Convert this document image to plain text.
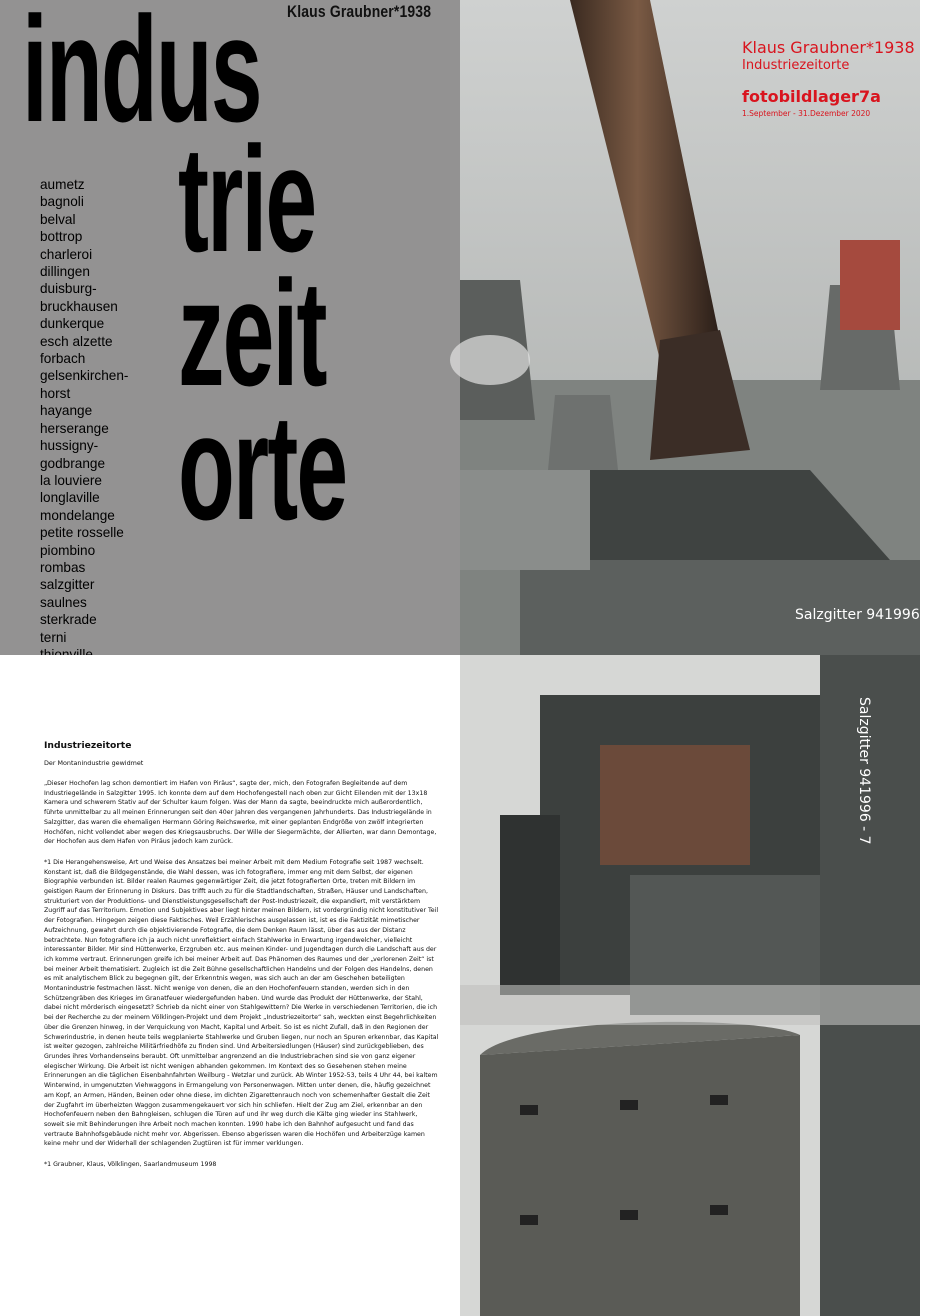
Klaus Graubner*1938
indus
trie
zeit
orte
aumetz
bagnoli
belval
bottrop
charleroi
dillingen
duisburg-
bruckhausen
dunkerque
esch alzette
forbach
gelsenkirchen-
horst
hayange
herserange
hussigny-
godbrange
la louviere
longlaville
mondelange
petite rosselle
piombino
rombas
salzgitter
saulnes
sterkrade
terni
Klaus Graubner*1938
Industriezeitorte
fotobildlager7a
1.September - 31.Dezember 2020
Salzgitter 941996 - 5
Industriezeitorte
Der Montanindustrie gewidmet

„Dieser Hochofen lag schon demontiert im Hafen von Piräus“, sagte der, mich, den Fotografen Begleitende auf dem Industriegelände in Salzgitter 1995. Ich konnte dem auf dem Hochofengestell nach oben zur Gicht Eilenden mit der 13x18 Kamera und schwerem Stativ auf der Schulter kaum folgen. Was der Mann da sagte, beeindruckte mich außerordentlich, führte unmittelbar zu all meinen Erinnerungen seit den 40er Jahren des vergangenen Jahrhunderts. Das Industriegelände in Salzgitter, das waren die ehemaligen Hermann Göring Reichswerke, mit einer geplanten Endgröße von zwölf integrierten Hochöfen, nicht vollendet aber wegen des Kriegsausbruchs. Der Wille der Siegermächte, der Allierten, war dann Demontage, der Hochofen aus dem Hafen von Piräus jedoch kam zurück.

*1 Die Herangehensweise, Art und Weise des Ansatzes bei meiner Arbeit mit dem Medium Fotografie seit 1987 wechselt. Konstant ist, daß die Bildgegenstände, die Wahl dessen, was ich fotografiere, immer eng mit dem Selbst, der eigenen Biographie verbunden ist. Bilder realen Raumes gegenwärtiger Zeit, die jetzt fotografierten Orte, treten mit Bildern im geistigen Raum der Erinnerung in Diskurs. Das trifft auch zu für die Stadtlandschaften, Straßen, Häuser und Landschaften, strukturiert von der Produktions- und Dienstleistungsgesellschaft der Post-Industriezeit, die expandiert, mit verstärktem Zugriff auf das Territorium. Emotion und Subjektives aber liegt hinter meinen Bildern, ist vordergründig nicht konstitutiver Teil der Fotografien. Hingegen zeigen diese Faktisches. Weil Erzählerisches ausgelassen ist, ist es die Faktizität mimetischer Aufzeichnung, gewahrt durch die objektivierende Fotografie, die dem Denken Raum lässt, über das aus der Distanz betrachtete. Nun fotografiere ich ja auch nicht unreflektiert einfach Stahlwerke in Erwartung irgendwelcher, vielleicht interessanter Bilder. Mir sind Hüttenwerke, Erzgruben etc. aus meinen Kinder- und Jugendtagen durch die Landschaft aus der ich komme vertraut. Erinnerungen greife ich bei meiner Arbeit auf. Das Phänomen des Raumes und der „verlorenen Zeit“ ist bei meiner Arbeit thematisiert. Zugleich ist die Zeit Bühne gesellschaftlichen Handelns und der Folgen des Handelns, denen es mit analytischem Blick zu begegnen gilt, der Erkenntnis wegen, was sich auch an der am Geschehen beteiligten Montanindustrie festmachen lässt. Nicht wenige von denen, die an den Hochofenfeuern standen, werden sich in den Schützengräben des Krieges im Granatfeuer wiedergefunden haben. Und wurde das Produkt der Hüttenwerke, der Stahl, dabei nicht mörderisch eingesetzt? Schrieb da nicht einer von Stahlgewittern? Die Werke in verschiedenen Territorien, die ich bei der Recherche zu der meinem Völklingen-Projekt und dem Projekt „Industriezeitorte“ sah, weckten einst Begehrlichkeiten über die Grenzen hinweg, in der Verquickung von Macht, Kapital und Arbeit. So ist es nicht Zufall, daß in den Regionen der Schwerindustrie, in denen heute teils wegplanierte Stahlwerke und Gruben liegen, nur noch an Spuren erkennbar, das Kapital ist weiter gezogen, zahlreiche Militärfriedhöfe zu finden sind. Und Arbeitersiedlungen (Häuser) sind zurückgeblieben, des Grundes ihres Vorhandenseins beraubt. Oft unmittelbar angrenzend an die Industriebrachen sind sie von ganz eigener elegischer Wirkung. Die Arbeit ist nicht wenigen abhanden gekommen. Im Kontext des so Gesehenen stehen meine Erinnerungen an die täglichen Eisenbahnfahrten Weilburg - Wetzlar und zurück. Ab Winter 1952-53, teils 4 Uhr 44, bei kaltem Winterwind, in umgenutzten Viehwaggons in Ermangelung von Personenwagen. Mitten unter denen, die, häufig gezeichnet am Kopf, an Armen, Händen, Beinen oder ohne diese, im dichten Zigarettenrauch noch von schemenhafter Gestalt die Zeit der Zugfahrt im überheizten Waggon zusammengekauert vor sich hin schliefen. Hielt der Zug am Ziel, erkennbar an den Hochofenfeuern neben den Bahngleisen, schlugen die Türen auf und ihr weg durch die Kälte ging wieder ins Stahlwerk, soweit sie mit Behinderungen ihre Arbeit noch machen konnten. 1990 habe ich den Bahnhof aufgesucht und fand das vertraute Bahnhofsgebäude nicht mehr vor. Abgerissen. Ebenso abgerissen waren die Hochöfen und Arbeiterzüge kamen keine mehr und der Widerhall der schlagenden Zugtüren ist für immer verklungen.

*1 Graubner, Klaus, Völklingen, Saarlandmuseum 1998

Salzgitter 941996 - 7
